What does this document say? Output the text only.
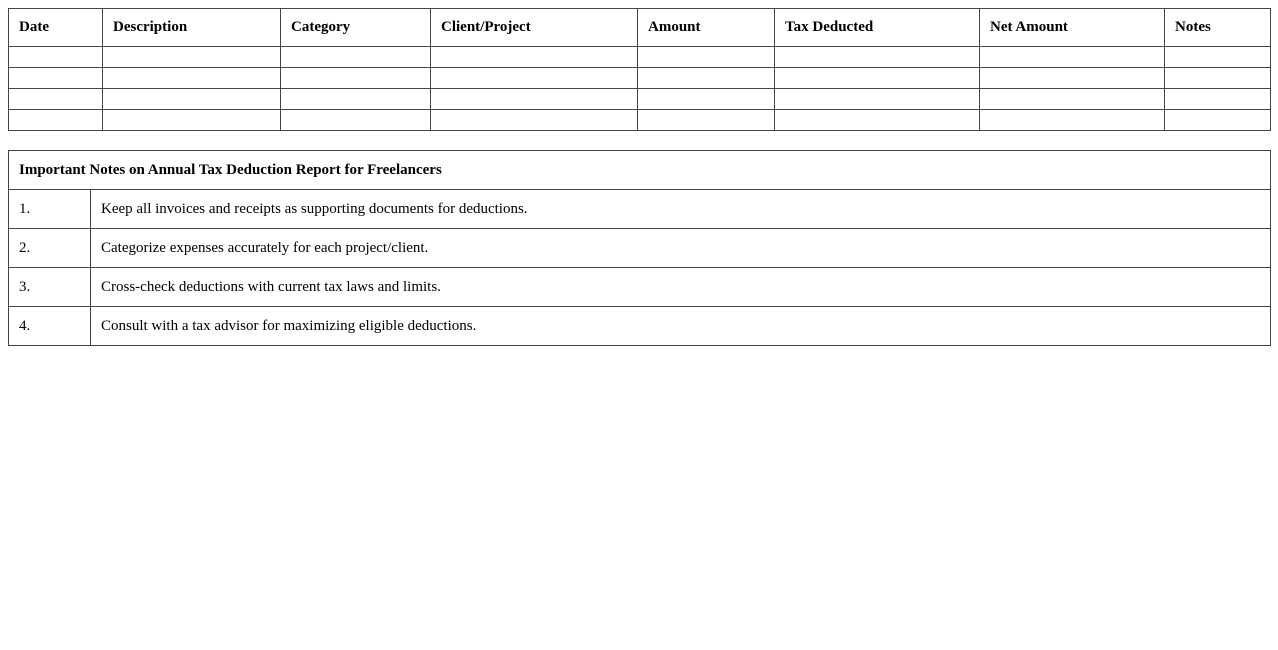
Date	Description	Category	Client/Project	Amount	Tax Deducted	Net Amount	Notes

Important Notes on Annual Tax Deduction Report for Freelancers	
1.	Keep all invoices and receipts as supporting documents for deductions.
2.	Categorize expenses accurately for each project/client.
3.	Cross-check deductions with current tax laws and limits.
4.	Consult with a tax advisor for maximizing eligible deductions.
